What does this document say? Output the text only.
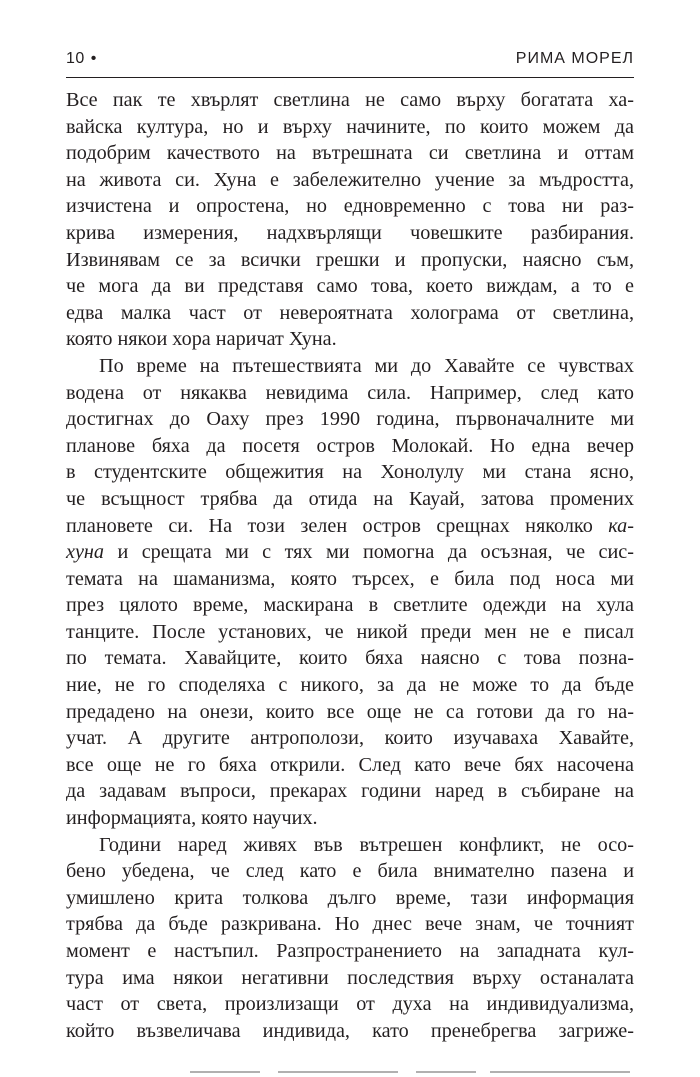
10 •	РИМА МОРЕЛ
Все пак те хвърлят светлина не само върху богатата ха-
вайска култура, но и върху начините, по които можем да
подобрим качеството на вътрешната си светлина и оттам
на живота си. Хуна е забележително учение за мъдростта,
изчистена и опростена, но едновременно с това ни раз-
крива измерения, надхвърлящи човешките разбирания.
Извинявам се за всички грешки и пропуски, наясно съм,
че мога да ви представя само това, което виждам, а то е
едва малка част от невероятната холограма от светлина,
която някои хора наричат Хуна.
По време на пътешествията ми до Хавайте се чувствах
водена от някаква невидима сила. Например, след като
достигнах до Оаху през 1990 година, първоначалните ми
планове бяха да посетя остров Молокай. Но една вечер
в студентските общежития на Хонолулу ми стана ясно,
че всъщност трябва да отида на Кауай, затова промених
плановете си. На този зелен остров срещнах няколко ка-
хуна и срещата ми с тях ми помогна да осъзная, че сис-
темата на шаманизма, която търсех, е била под носа ми
през цялото време, маскирана в светлите одежди на хула
танците. После установих, че никой преди мен не е писал
по темата. Хавайците, които бяха наясно с това позна-
ние, не го споделяха с никого, за да не може то да бъде
предадено на онези, които все още не са готови да го на-
учат. А другите антрополози, които изучаваха Хавайте,
все още не го бяха открили. След като вече бях насочена
да задавам въпроси, прекарах години наред в събиране на
информацията, която научих.
Години наред живях във вътрешен конфликт, не осо-
бено убедена, че след като е била внимателно пазена и
умишлено крита толкова дълго време, тази информация
трябва да бъде разкривана. Но днес вече знам, че точният
момент е настъпил. Разпространението на западната кул-
тура има някои негативни последствия върху останалата
част от света, произлизащи от духа на индивидуализма,
който възвеличава индивида, като пренебрегва загриже-
